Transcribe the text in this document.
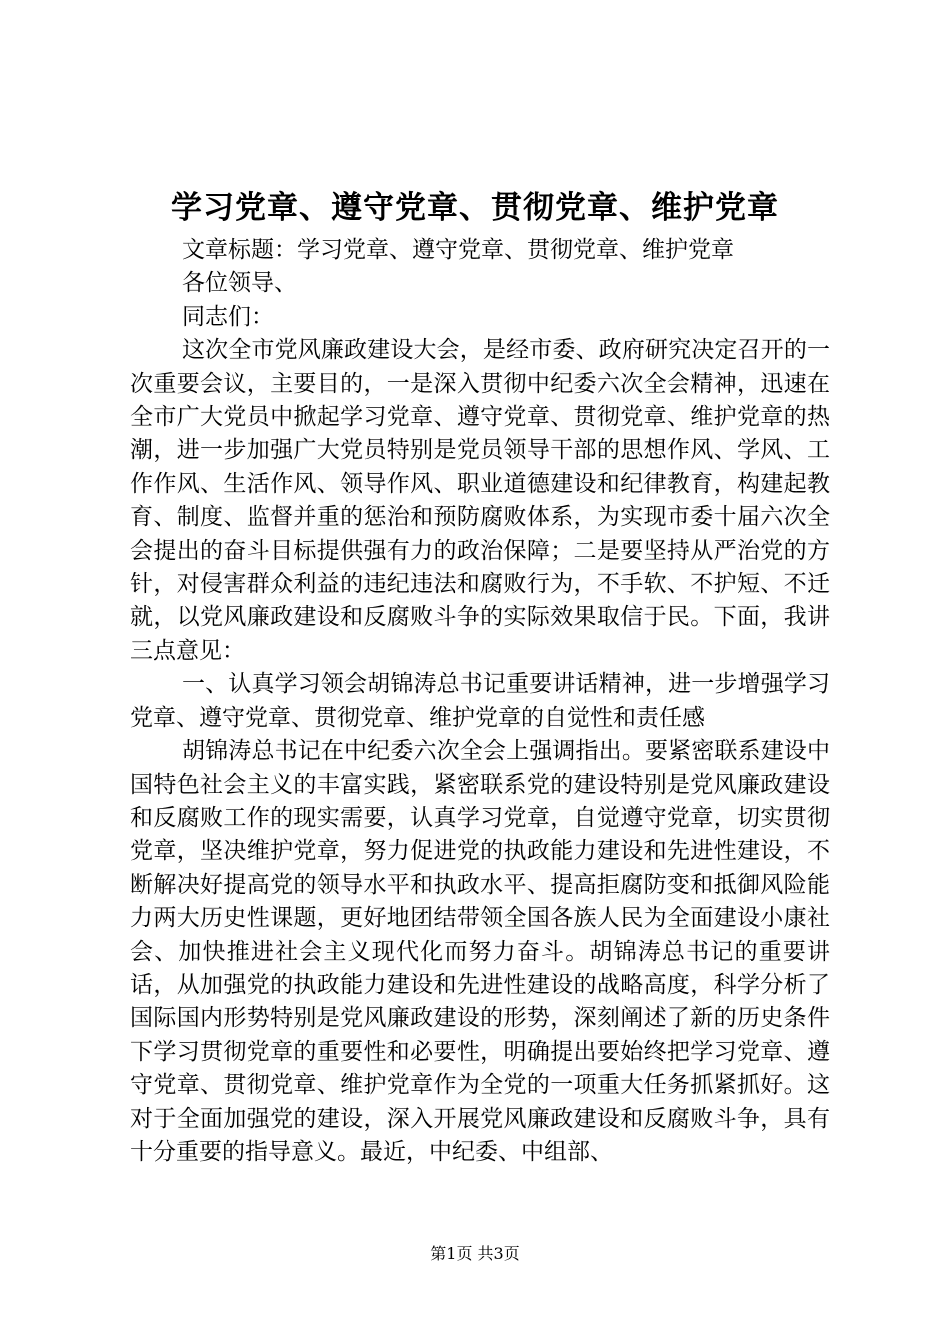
学习党章、遵守党章、贯彻党章、维护党章

文章标题：学习党章、遵守党章、贯彻党章、维护党章

各位领导、

同志们：

这次全市党风廉政建设大会，是经市委、政府研究决定召开的一次重要会议，主要目的，一是深入贯彻中纪委六次全会精神，迅速在全市广大党员中掀起学习党章、遵守党章、贯彻党章、维护党章的热潮，进一步加强广大党员特别是党员领导干部的思想作风、学风、工作作风、生活作风、领导作风、职业道德建设和纪律教育，构建起教育、制度、监督并重的惩治和预防腐败体系，为实现市委十届六次全会提出的奋斗目标提供强有力的政治保障；二是要坚持从严治党的方针，对侵害群众利益的违纪违法和腐败行为，不手软、不护短、不迁就，以党风廉政建设和反腐败斗争的实际效果取信于民。下面，我讲三点意见：

一、认真学习领会胡锦涛总书记重要讲话精神，进一步增强学习党章、遵守党章、贯彻党章、维护党章的自觉性和责任感

胡锦涛总书记在中纪委六次全会上强调指出。要紧密联系建设中国特色社会主义的丰富实践，紧密联系党的建设特别是党风廉政建设和反腐败工作的现实需要，认真学习党章，自觉遵守党章，切实贯彻党章，坚决维护党章，努力促进党的执政能力建设和先进性建设，不断解决好提高党的领导水平和执政水平、提高拒腐防变和抵御风险能力两大历史性课题，更好地团结带领全国各族人民为全面建设小康社会、加快推进社会主义现代化而努力奋斗。胡锦涛总书记的重要讲话，从加强党的执政能力建设和先进性建设的战略高度，科学分析了国际国内形势特别是党风廉政建设的形势，深刻阐述了新的历史条件下学习贯彻党章的重要性和必要性，明确提出要始终把学习党章、遵守党章、贯彻党章、维护党章作为全党的一项重大任务抓紧抓好。这对于全面加强党的建设，深入开展党风廉政建设和反腐败斗争，具有十分重要的指导意义。最近，中纪委、中组部、

第1页 共3页
